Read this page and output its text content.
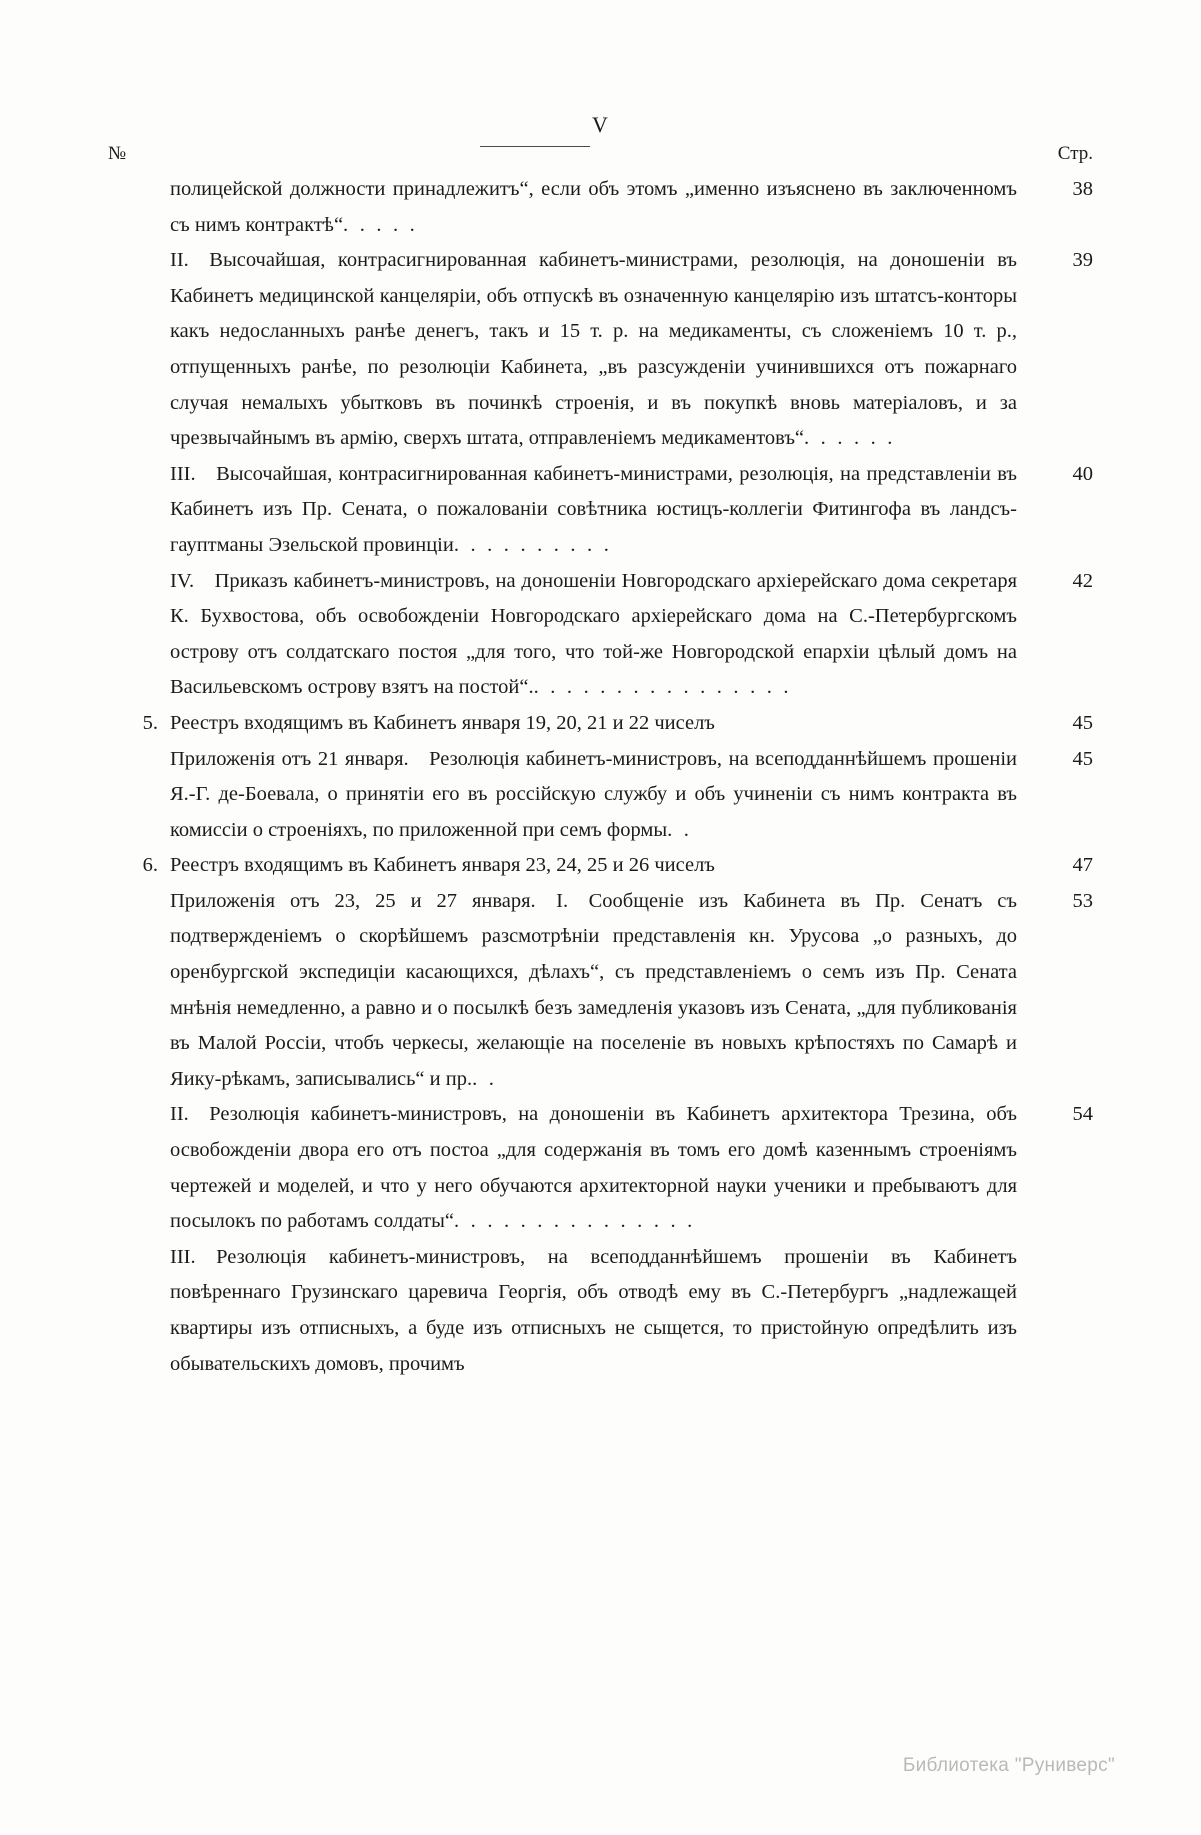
№
V
Стр.
полицейской должности принадлежитъ“, если объ этомъ „именно изъяснено въ заключенномъ съ нимъ контрактѣ“. . . . .
38
II. Высочайшая, контрасигнированная кабинетъ-министрами, резолюція, на доношеніи въ Кабинетъ медицинской канцеляріи, объ отпускѣ въ означенную канцелярію изъ штатсъ-конторы какъ недосланныхъ ранѣе денегъ, такъ и 15 т. р. на медикаменты, съ сложеніемъ 10 т. р., отпущенныхъ ранѣе, по резолюціи Кабинета, „въ разсужденіи учинившихся отъ пожарнаго случая немалыхъ убытковъ въ починкѣ строенія, и въ покупкѣ вновь матеріаловъ, и за чрезвычайнымъ въ армію, сверхъ штата, отправленіемъ медикаментовъ“. . . . . .
39
III. Высочайшая, контрасигнированная кабинетъ-министрами, резолюція, на представленіи въ Кабинетъ изъ Пр. Сената, о пожалованіи совѣтника юстицъ-коллегіи Фитингофа въ ландсъ-гауптманы Эзельской провинціи. . . . . . . . . .
40
IV. Приказъ кабинетъ-министровъ, на доношеніи Новгородскаго архіерейскаго дома секретаря К. Бухвостова, объ освобожденіи Новгородскаго архіерейскаго дома на С.-Петербургскомъ острову отъ солдатскаго постоя „для того, что той-же Новгородской епархіи цѣлый домъ на Васильевскомъ острову взятъ на постой“.. . . . . . . . . . . . . . . .
42
5. Реестръ входящимъ въ Кабинетъ января 19, 20, 21 и 22 чиселъ	45
Приложенія отъ 21 января. Резолюція кабинетъ-министровъ, на всеподданнѣйшемъ прошеніи Я.-Г. де-Боевала, о принятіи его въ россійскую службу и объ учиненіи съ нимъ контракта въ комиссіи о строеніяхъ, по приложенной при семъ формы. .
45
6. Реестръ входящимъ въ Кабинетъ января 23, 24, 25 и 26 чиселъ	47
Приложенія отъ 23, 25 и 27 января. I. Сообщеніе изъ Кабинета въ Пр. Сенатъ съ подтвержденіемъ о скорѣйшемъ разсмотрѣніи представленія кн. Урусова „о разныхъ, до оренбургской экспедиціи касающихся, дѣлахъ“, съ представленіемъ о семъ изъ Пр. Сената мнѣнія немедленно, а равно и о посылкѣ безъ замедленія указовъ изъ Сената, „для публикованія въ Малой Россіи, чтобъ черкесы, желающіе на поселеніе въ новыхъ крѣпостяхъ по Самарѣ и Яику-рѣкамъ, записывались“ и пр.. .
53
II. Резолюція кабинетъ-министровъ, на доношеніи въ Кабинетъ архитектора Трезина, объ освобожденіи двора его отъ постоа „для содержанія въ томъ его домѣ казеннымъ строеніямъ чертежей и моделей, и что у него обучаются архитекторной науки ученики и пребываютъ для посылокъ по работамъ солдаты“. . . . . . . . . . . . . . .
54
III. Резолюція кабинетъ-министровъ, на всеподданнѣйшемъ прошеніи въ Кабинетъ повѣреннаго Грузинскаго царевича Георгія, объ отводѣ ему въ С.-Петербургъ „надлежащей квартиры изъ отписныхъ, а буде изъ отписныхъ не сыщется, то пристойную опредѣлить изъ обывательскихъ домовъ, прочимъ
Библиотека "Руниверс"
